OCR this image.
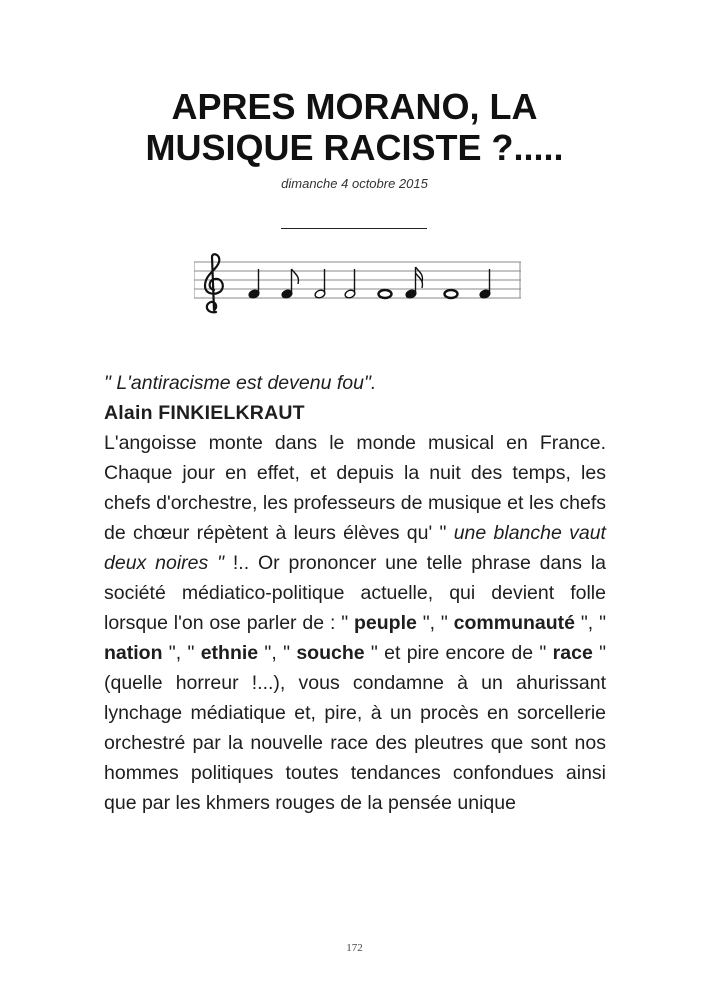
APRES MORANO, LA
MUSIQUE RACISTE ?.....
dimanche 4 octobre 2015
" L'antiracisme est devenu fou".
Alain FINKIELKRAUT
L'angoisse monte dans le monde musical en France. Chaque jour en effet, et depuis la nuit des temps, les chefs d'orchestre, les professeurs de musique et les chefs de chœur répètent à leurs élèves qu' " une blanche vaut deux noires " !.. Or prononcer une telle phrase dans la société médiatico-politique actuelle, qui devient folle lorsque l'on ose parler de : " peuple ", " communauté ", " nation ", " ethnie ", " souche " et pire encore de " race " (quelle horreur !...), vous condamne à un ahurissant lynchage médiatique et, pire, à un procès en sorcellerie orchestré par la nouvelle race des pleutres que sont nos hommes politiques toutes tendances confondues ainsi que par les khmers rouges de la pensée unique
172
